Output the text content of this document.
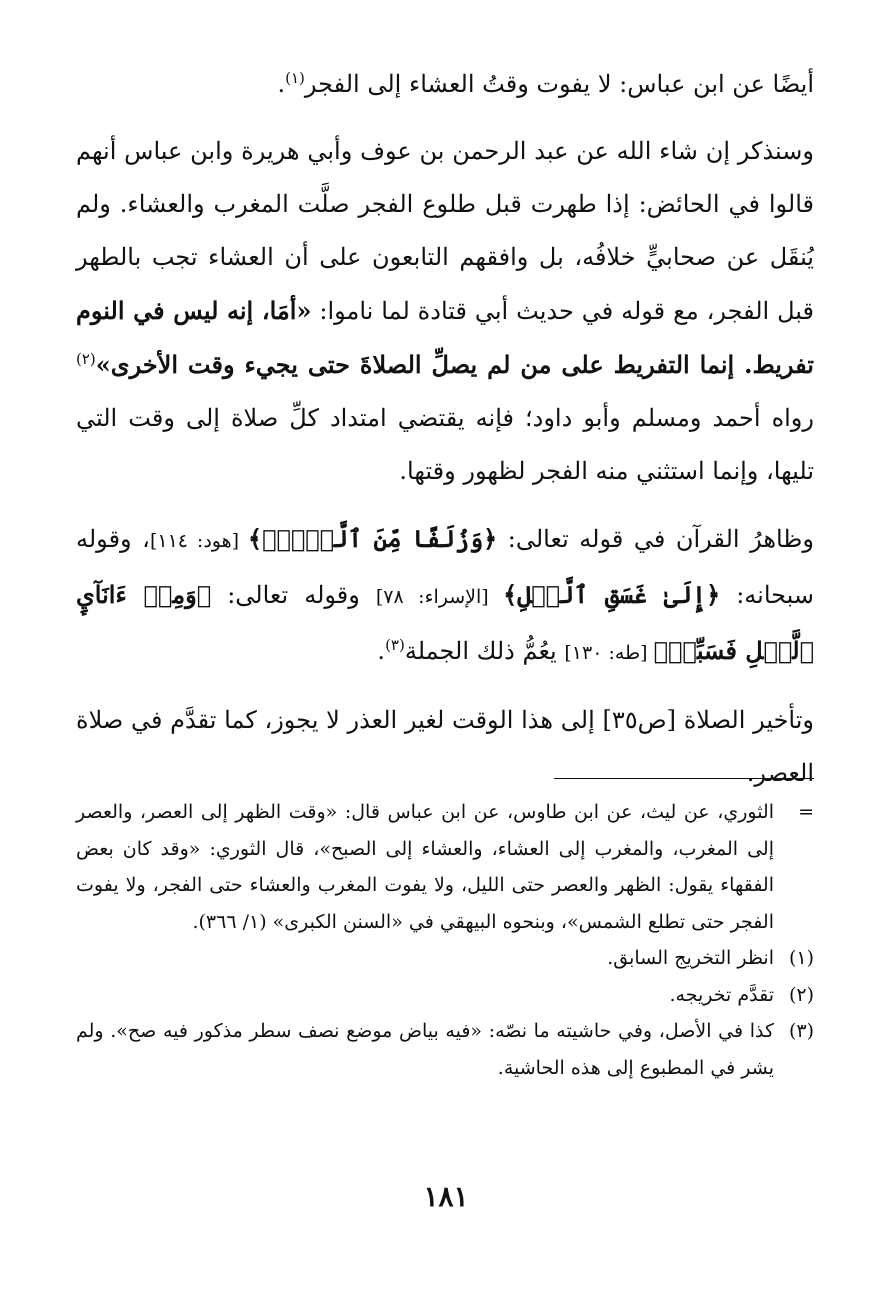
أيضًا عن ابن عباس: لا يفوت وقتُ العشاء إلى الفجر$^{(١)}$.

وسنذكر إن شاء الله عن عبد الرحمن بن عوف وأبي هريرة وابن عباس أنهم قالوا في الحائض: إذا طهرت قبل طلوع الفجر صلَّت المغرب والعشاء. ولم يُنقَل عن صحابيٍّ خلافُه، بل وافقهم التابعون على أن العشاء تجب بالطهر قبل الفجر، مع قوله في حديث أبي قتادة لما ناموا: «أمَا، إنه ليس في النوم تفريط. إنما التفريط على من لم يصلِّ الصلاةَ حتى يجيء وقت الأخرى»$^{(٢)}$ رواه أحمد ومسلم وأبو داود؛ فإنه يقتضي امتداد كلِّ صلاة إلى وقت التي تليها، وإنما استثني منه الفجر لظهور وقتها.

وظاهرُ القرآن في قوله تعالى: ﴿وَزُلَفًا مِّنَ ٱلَّيۡلِۚ﴾ [هود: ١١٤]، وقوله سبحانه: ﴿إِلَىٰ غَسَقِ ٱلَّيۡلِ﴾ [الإسراء: ٧٨] وقوله تعالى: ﴿وَمِنۡ ءَانَآيِٕ ٱلَّيۡلِ فَسَبِّحۡ﴾ [طه: ١٣٠] يعُمُّ ذلك الجملة$^{(٣)}$.

وتأخير الصلاة [ص٣٥] إلى هذا الوقت لغير العذر لا يجوز، كما تقدَّم في صلاة العصر.

=
الثوري، عن ليث، عن ابن طاوس، عن ابن عباس قال: «وقت الظهر إلى العصر، والعصر إلى المغرب، والمغرب إلى العشاء، والعشاء إلى الصبح»، قال الثوري: «وقد كان بعض الفقهاء يقول: الظهر والعصر حتى الليل، ولا يفوت المغرب والعشاء حتى الفجر، ولا يفوت الفجر حتى تطلع الشمس»، وبنحوه البيهقي في «السنن الكبرى» (١/ ٣٦٦).
(١)
انظر التخريج السابق.
(٢)
تقدَّم تخريجه.
(٣)
كذا في الأصل، وفي حاشيته ما نصّه: «فيه بياض موضع نصف سطر مذكور فيه صح». ولم يشر في المطبوع إلى هذه الحاشية.
١٨١
